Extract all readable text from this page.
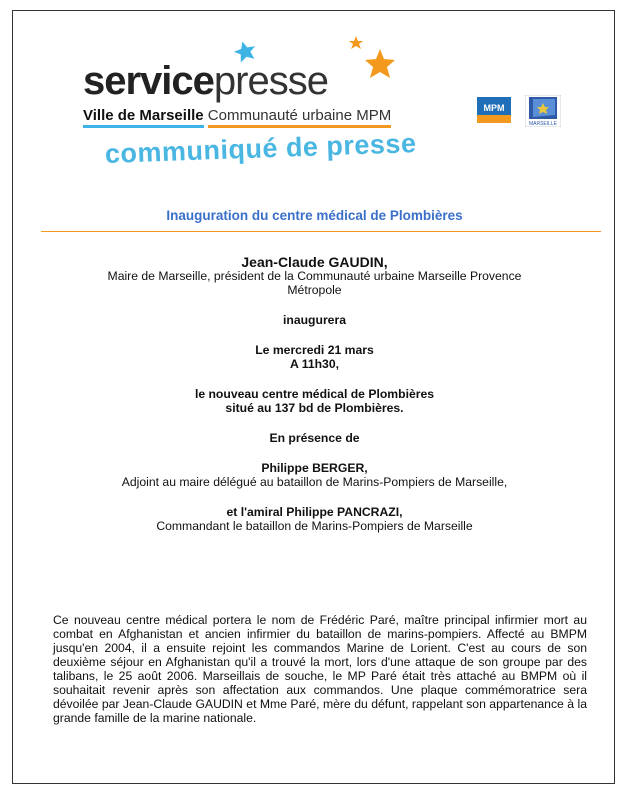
servicepresse
Ville de Marseille Communauté urbaine MPM
communiqué de presse
MPM
MARSEILLE
Inauguration du centre médical de Plombières
Jean-Claude GAUDIN,
Maire de Marseille, président de la Communauté urbaine Marseille Provence Métropole
inaugurera
Le mercredi 21 mars
A 11h30,
le nouveau centre médical de Plombières
situé au 137 bd de Plombières.
En présence de
Philippe BERGER,
Adjoint au maire délégué au bataillon de Marins-Pompiers de Marseille,
et l'amiral Philippe PANCRAZI,
Commandant le bataillon de Marins-Pompiers de Marseille
Ce nouveau centre médical portera le nom de Frédéric Paré, maître principal infirmier mort au combat en Afghanistan et ancien infirmier du bataillon de marins-pompiers. Affecté au BMPM jusqu'en 2004, il a ensuite rejoint les commandos Marine de Lorient. C'est au cours de son deuxième séjour en Afghanistan qu'il a trouvé la mort, lors d'une attaque de son groupe par des talibans, le 25 août 2006. Marseillais de souche, le MP Paré était très attaché au BMPM où il souhaitait revenir après son affectation aux commandos. Une plaque commémoratrice sera dévoilée par Jean-Claude GAUDIN et Mme Paré, mère du défunt, rappelant son appartenance à la grande famille de la marine nationale.
